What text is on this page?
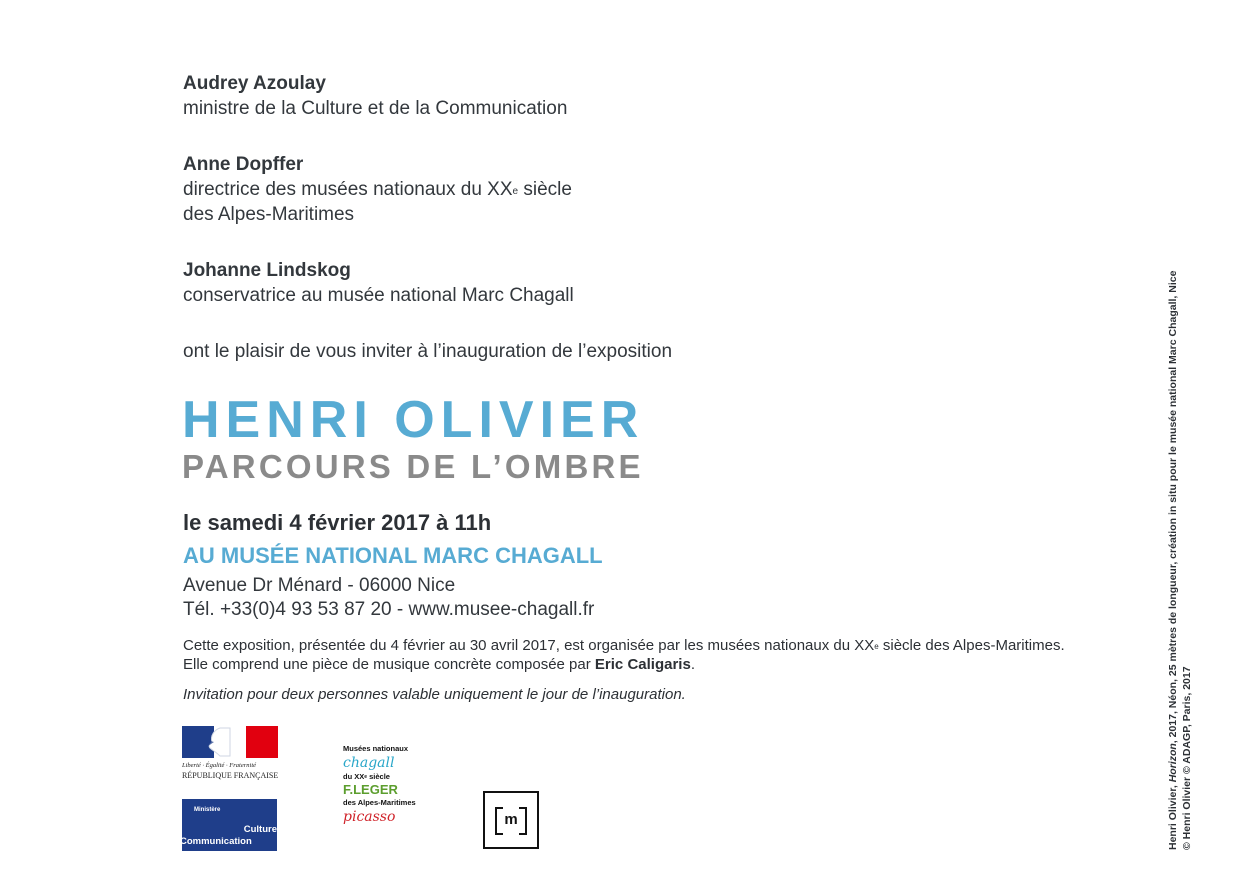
Audrey Azoulay
ministre de la Culture et de la Communication
Anne Dopffer
directrice des musées nationaux du XXe siècle
des Alpes-Maritimes
Johanne Lindskog
conservatrice au musée national Marc Chagall
ont le plaisir de vous inviter à l’inauguration de l’exposition
HENRI OLIVIER
PARCOURS DE L’OMBRE
le samedi 4 février 2017 à 11h
AU MUSÉE NATIONAL MARC CHAGALL
Avenue Dr Ménard - 06000 Nice
Tél. +33(0)4 93 53 87 20 - www.musee-chagall.fr
Cette exposition, présentée du 4 février au 30 avril 2017, est organisée par les musées nationaux du XXe siècle des Alpes-Maritimes.
Elle comprend une pièce de musique concrète composée par Eric Caligaris.
Invitation pour deux personnes valable uniquement le jour de l’inauguration.
Liberté · Égalité · Fraternité
RÉPUBLIQUE FRANÇAISE
Ministère
Culture
Communication
Musées nationaux
chagall
du XXe siècle
F.LEGER
des Alpes-Maritimes
picasso	m	Henri Olivier, Horizon, 2017, Néon, 25 mètres de longueur, création in situ pour le musée national Marc Chagall, Nice
© Henri Olivier © ADAGP, Paris, 2017
